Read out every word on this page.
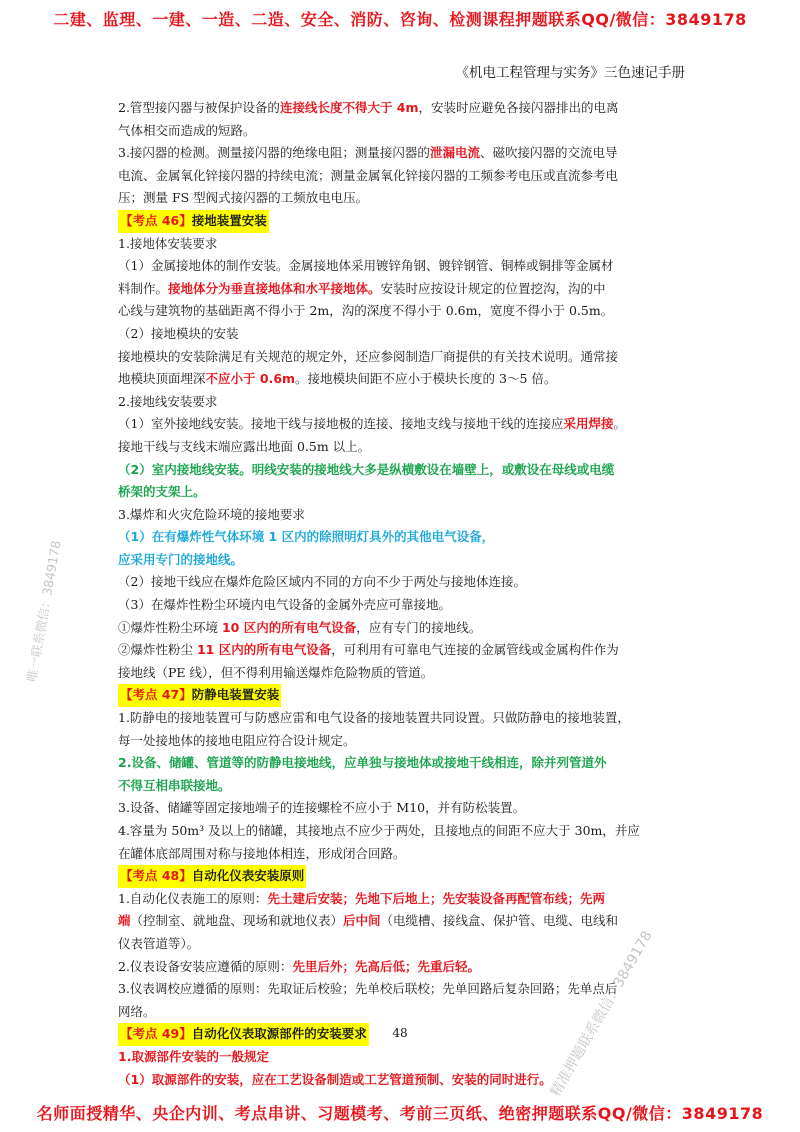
二建、监理、一建、一造、二造、安全、消防、咨询、检测课程押题联系QQ/微信：3849178
《机电工程管理与实务》三色速记手册

2.管型接闪器与被保护设备的连接线长度不得大于 4m，安装时应避免各接闪器排出的电离

气体相交而造成的短路。

3.接闪器的检测。测量接闪器的绝缘电阻；测量接闪器的泄漏电流、磁吹接闪器的交流电导

电流、金属氧化锌接闪器的持续电流；测量金属氧化锌接闪器的工频参考电压或直流参考电

压；测量 FS 型阀式接闪器的工频放电电压。

【考点 46】接地装置安装

1.接地体安装要求

（1）金属接地体的制作安装。金属接地体采用镀锌角钢、镀锌钢管、铜棒或铜排等金属材

料制作。接地体分为垂直接地体和水平接地体。安装时应按设计规定的位置挖沟，沟的中

心线与建筑物的基础距离不得小于 2m，沟的深度不得小于 0.6m，宽度不得小于 0.5m。

（2）接地模块的安装

接地模块的安装除满足有关规范的规定外，还应参阅制造厂商提供的有关技术说明。通常接

地模块顶面埋深不应小于 0.6m。接地模块间距不应小于模块长度的 3～5 倍。

2.接地线安装要求

（1）室外接地线安装。接地干线与接地极的连接、接地支线与接地干线的连接应采用焊接。

接地干线与支线末端应露出地面 0.5m 以上。

（2）室内接地线安装。明线安装的接地线大多是纵横敷设在墙壁上，或敷设在母线或电缆

桥架的支架上。

3.爆炸和火灾危险环境的接地要求

（1）在有爆炸性气体环境 1 区内的除照明灯具外的其他电气设备，

应采用专门的接地线。

（2）接地干线应在爆炸危险区域内不同的方向不少于两处与接地体连接。

（3）在爆炸性粉尘环境内电气设备的金属外壳应可靠接地。

①爆炸性粉尘环境 10 区内的所有电气设备，应有专门的接地线。

②爆炸性粉尘 11 区内的所有电气设备，可利用有可靠电气连接的金属管线或金属构件作为

接地线（PE 线），但不得利用输送爆炸危险物质的管道。

【考点 47】防静电装置安装

1.防静电的接地装置可与防感应雷和电气设备的接地装置共同设置。只做防静电的接地装置，

每一处接地体的接地电阻应符合设计规定。

2.设备、储罐、管道等的防静电接地线，应单独与接地体或接地干线相连，除并列管道外

不得互相串联接地。

3.设备、储罐等固定接地端子的连接螺栓不应小于 M10，并有防松装置。

4.容量为 50m³ 及以上的储罐，其接地点不应少于两处，且接地点的间距不应大于 30m，并应

在罐体底部周围对称与接地体相连，形成闭合回路。

【考点 48】自动化仪表安装原则

1.自动化仪表施工的原则：先土建后安装；先地下后地上；先安装设备再配管布线；先两

端（控制室、就地盘、现场和就地仪表）后中间（电缆槽、接线盒、保护管、电缆、电线和

仪表管道等）。

2.仪表设备安装应遵循的原则：先里后外；先高后低；先重后轻。

3.仪表调校应遵循的原则：先取证后校验；先单校后联校；先单回路后复杂回路；先单点后

网络。

【考点 49】自动化仪表取源部件的安装要求

1.取源部件安装的一般规定

（1）取源部件的安装，应在工艺设备制造或工艺管道预制、安装的同时进行。

48
唯一联系微信：3849178
精准押题联系微信：3849178
名师面授精华、央企内训、考点串讲、习题模考、考前三页纸、绝密押题联系QQ/微信：3849178
